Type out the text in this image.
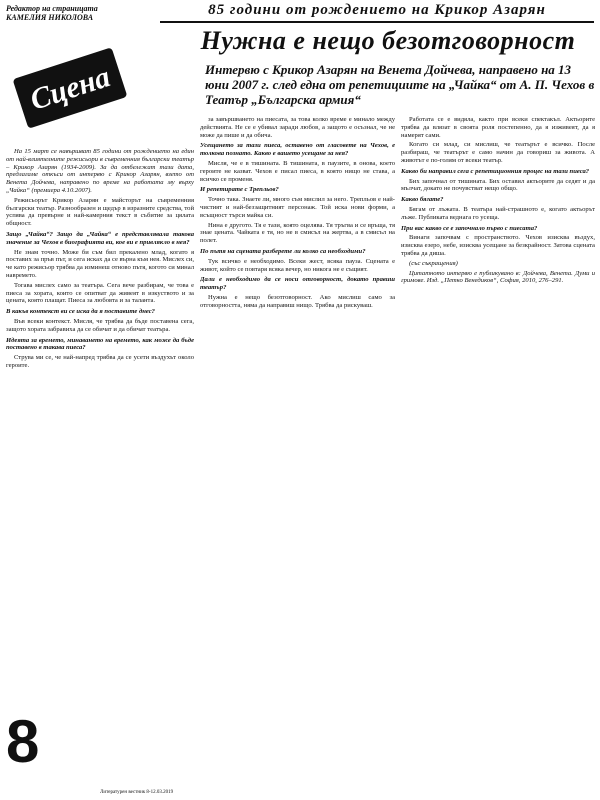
Редактор на страницата
КАМЕЛИЯ НИКОЛОВА	85 години от рождението на Крикор Азарян
Сцена
Нужна е нещо безотговорност
Интервю с Крикор Азарян на Венета Дойчева, направено на 13 юни 2007 г. след една от репетициите на „Чайка“ от А. П. Чехов в Театър „Българска армия“

На 15 март се навършват 85 години от рождението на един от най-влиятелните режисьори в съвременния български театър – Крикор Азарян (1934-2009). За да отбележат тази дата, предлагаме откъси от интервю с Крикор Азарян, взето от Венета Дойчева, направено по време на работата му върху „Чайка“ (премиера 4.10.2007).

Режисьорът Крикор Азарян е майсторът на съвременния български театър. Разнообразен и щедър в изразните средства, той успява да превърне и най-камерния текст в събитие за цялата общност.

Защо „Чайка“? Защо да „Чайка“ е представлявала такова значение за Чехов в биографията ви, кое ви е привлякло в нея?

Не знам точно. Може би съм бил прекалено млад, когато я поставих за пръв път, и сега исках да се върна към нея. Мислех си, че като режисьор трябва да изминеш отново пътя, когото си минал навремето.

Тогава мислех само за театъра. Сега вече разбирам, че това е пиеса за хората, които се опитват да живеят в изкуството и за цената, която плащат. Пиеса за любовта и за таланта.

В какъв контекст ви се иска да я поставите днес?

Във всеки контекст. Мисля, че трябва да бъде поставена сега, защото хората забравиха да се обичат и да обичат театъра.

Идеята за времето, минаването на времето, как може да бъде поставено в такава пиеса?

Струва ми се, че най-напред трябва да се усети въздухът около героите.

за завършването на пиесата, за това колко време е минало между действията. Не се е убивал заради любов, а защото е осъзнал, че не може да пише и да обича.

Усещането за тази пиеса, оставено от гласовете на Чехов, е толкова познато. Какво е вашето усещане за нея?

Мисля, че е в тишината. В тишината, в паузите, в онова, което героите не казват. Чехов е писал пиеса, в която нищо не става, а всичко се променя.

И репетирате с Трепльов?

Точно така. Знаете ли, много съм мислил за него. Трепльов е най-чистият и най-беззащитният персонаж. Той иска нови форми, а всъщност търси майка си.

Нина е другото. Тя е тази, която оцелява. Тя тръгва и се връща, тя знае цената. Чайката е тя, но не в смисъл на жертва, а в смисъл на полет.

По пътя на сцената разберете ли колко са необходими?

Тук всичко е необходимо. Всеки жест, всяка пауза. Сцената е живот, който се повтаря всяка вечер, но никога не е същият.

Дали е необходимо да се носи отговорност, докато правиш театър?

Нужна е нещо безотговорност. Ако мислиш само за отговорността, няма да направиш нищо. Трябва да рискуваш.

Работата се е видяла, както при всеки спектакъл. Актьорите трябва да влязат в своята роля постепенно, да я изживеят, да я намерят сами.

Когато си млад, си мислиш, че театърът е всичко. После разбираш, че театърът е само начин да говориш за живота. А животът е по-голям от всеки театър.

Какво би направил сега с репетиционния процес на тази пиеса?

Бих започнал от тишината. Бих оставил актьорите да седят и да мълчат, докато не почувстват нещо общо.

Какво бягате?

Бягам от лъжата. В театъра най-страшното е, когато актьорът лъже. Публиката веднага го усеща.

При вас какво се е започнало първо с пиесата?

Винаги започвам с пространството. Чехов изисква въздух, изисква езеро, небе, изисква усещане за безкрайност. Затова сцената трябва да диша.

(със съкращения)

Цитатното интервю е публикувано в: Дойчева, Венета. Думи и гримове. Изд. „Петко Венедиков“, София, 2010, 276–291.

8
Литературен вестник 8-12.03.2019
